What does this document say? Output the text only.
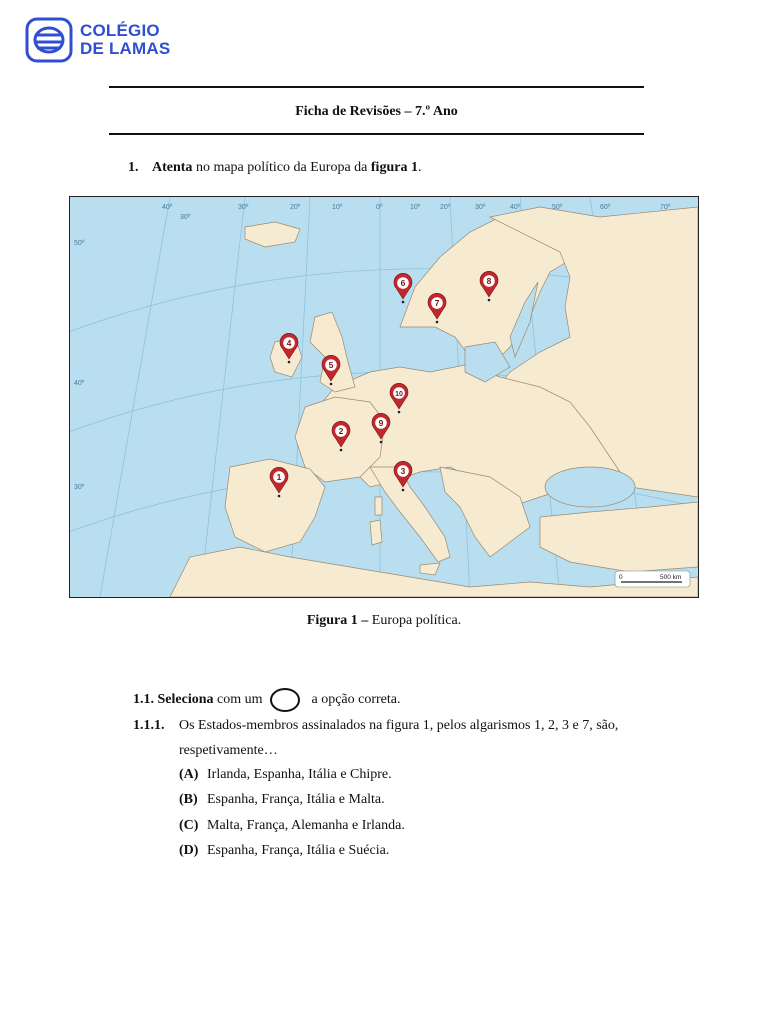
COLÉGIO
DE LAMAS
Ficha de Revisões – 7.º Ano
1. Atenta no mapa político da Europa da figura 1.
40º
30º
30º	20º	10º	0º	10º	20º	30º	40º	50º	60º	70º
50º
40º
30º
1
2
3
4
5
6
7
8
9
10
0	500 km
Figura 1 – Europa política.
1.1. Seleciona com um	a opção correta.
1.1.1. Os Estados-membros assinalados na figura 1, pelos algarismos 1, 2, 3 e 7, são, respetivamente…
(A) Irlanda, Espanha, Itália e Chipre.
(B) Espanha, França, Itália e Malta.
(C) Malta, França, Alemanha e Irlanda.
(D) Espanha, França, Itália e Suécia.
